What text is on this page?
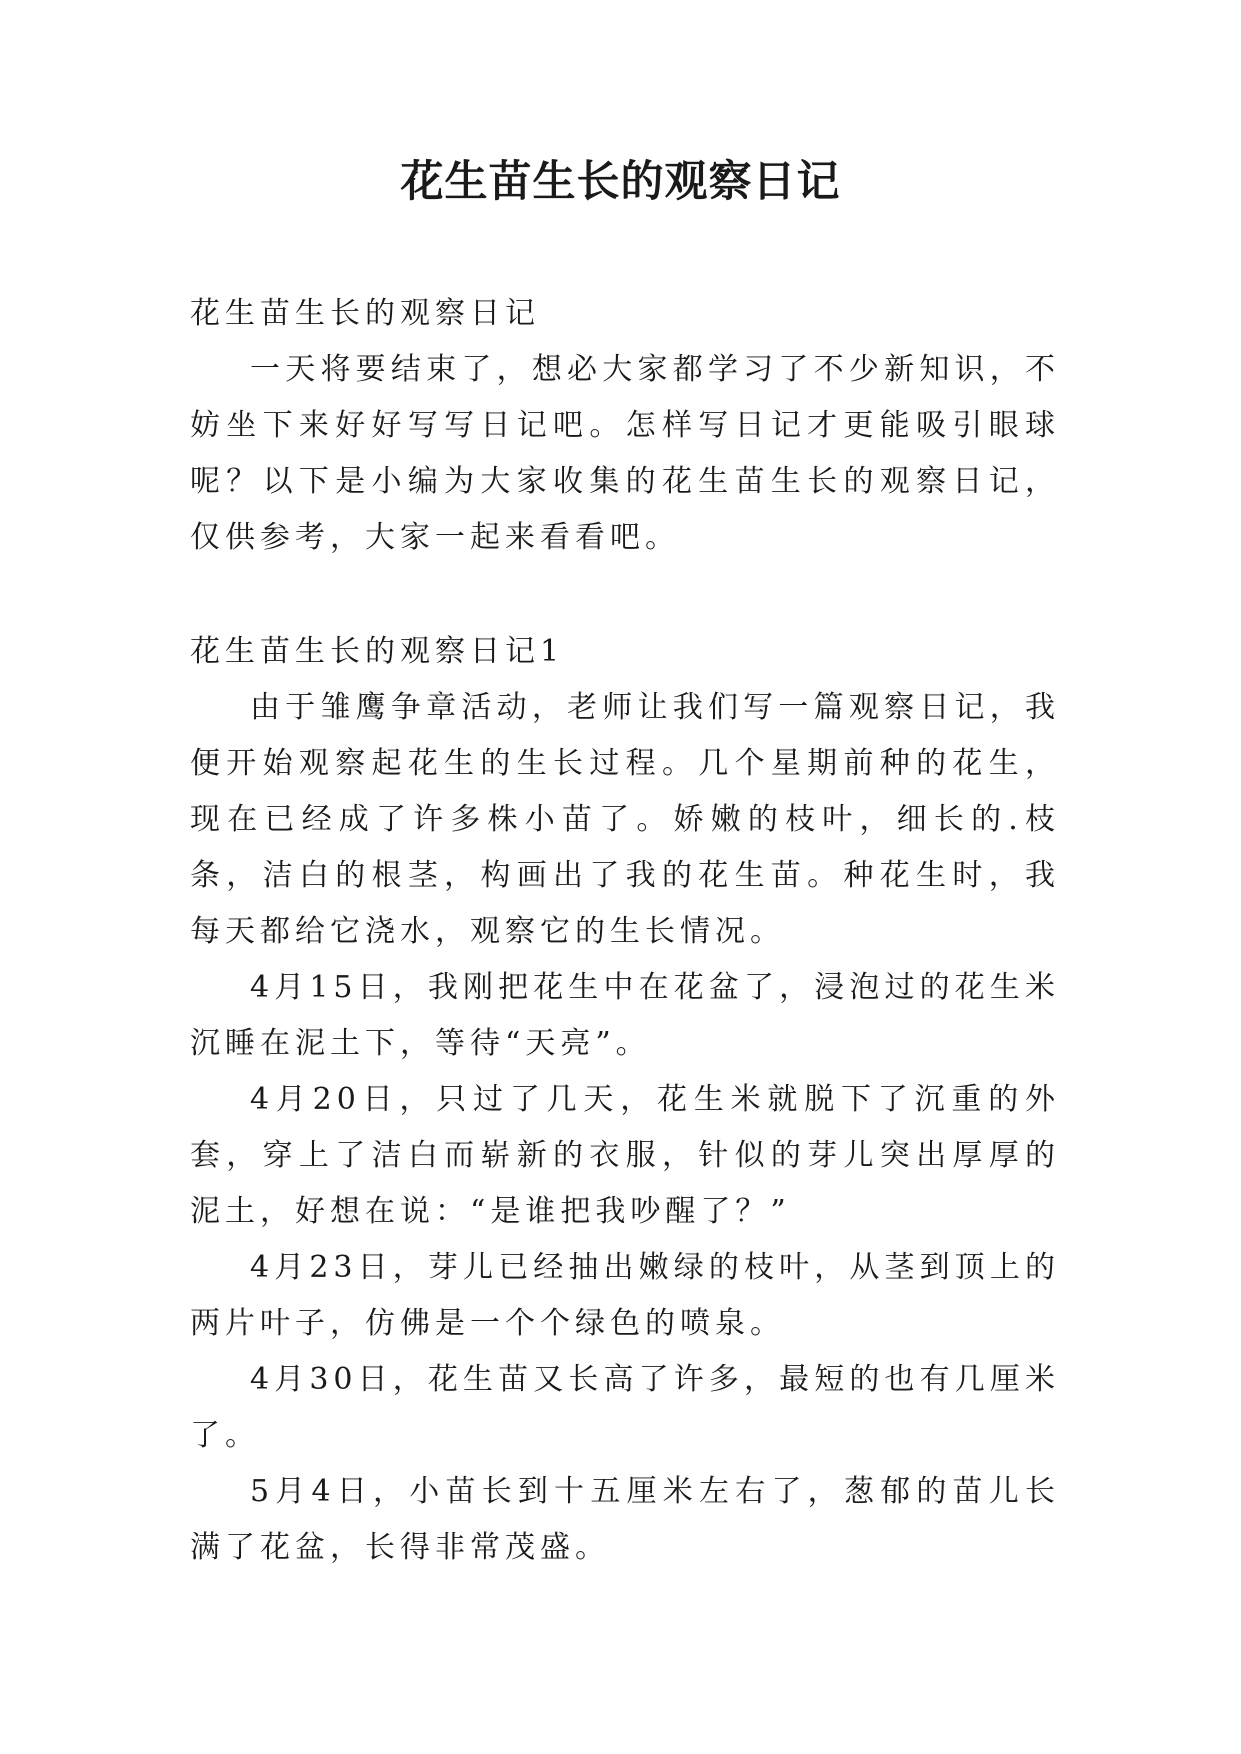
花生苗生长的观察日记

花生苗生长的观察日记

一天将要结束了，想必大家都学习了不少新知识，不妨坐下来好好写写日记吧。怎样写日记才更能吸引眼球呢？以下是小编为大家收集的花生苗生长的观察日记，仅供参考，大家一起来看看吧。

花生苗生长的观察日记1

由于雏鹰争章活动，老师让我们写一篇观察日记，我便开始观察起花生的生长过程。几个星期前种的花生，现在已经成了许多株小苗了。娇嫩的枝叶，细长的.枝条，洁白的根茎，构画出了我的花生苗。种花生时，我每天都给它浇水，观察它的生长情况。

4月15日，我刚把花生中在花盆了，浸泡过的花生米沉睡在泥土下，等待“天亮”。

4月20日，只过了几天，花生米就脱下了沉重的外套，穿上了洁白而崭新的衣服，针似的芽儿突出厚厚的泥土，好想在说：“是谁把我吵醒了？”

4月23日，芽儿已经抽出嫩绿的枝叶，从茎到顶上的两片叶子，仿佛是一个个绿色的喷泉。

4月30日，花生苗又长高了许多，最短的也有几厘米了。

5月4日，小苗长到十五厘米左右了，葱郁的苗儿长满了花盆，长得非常茂盛。
